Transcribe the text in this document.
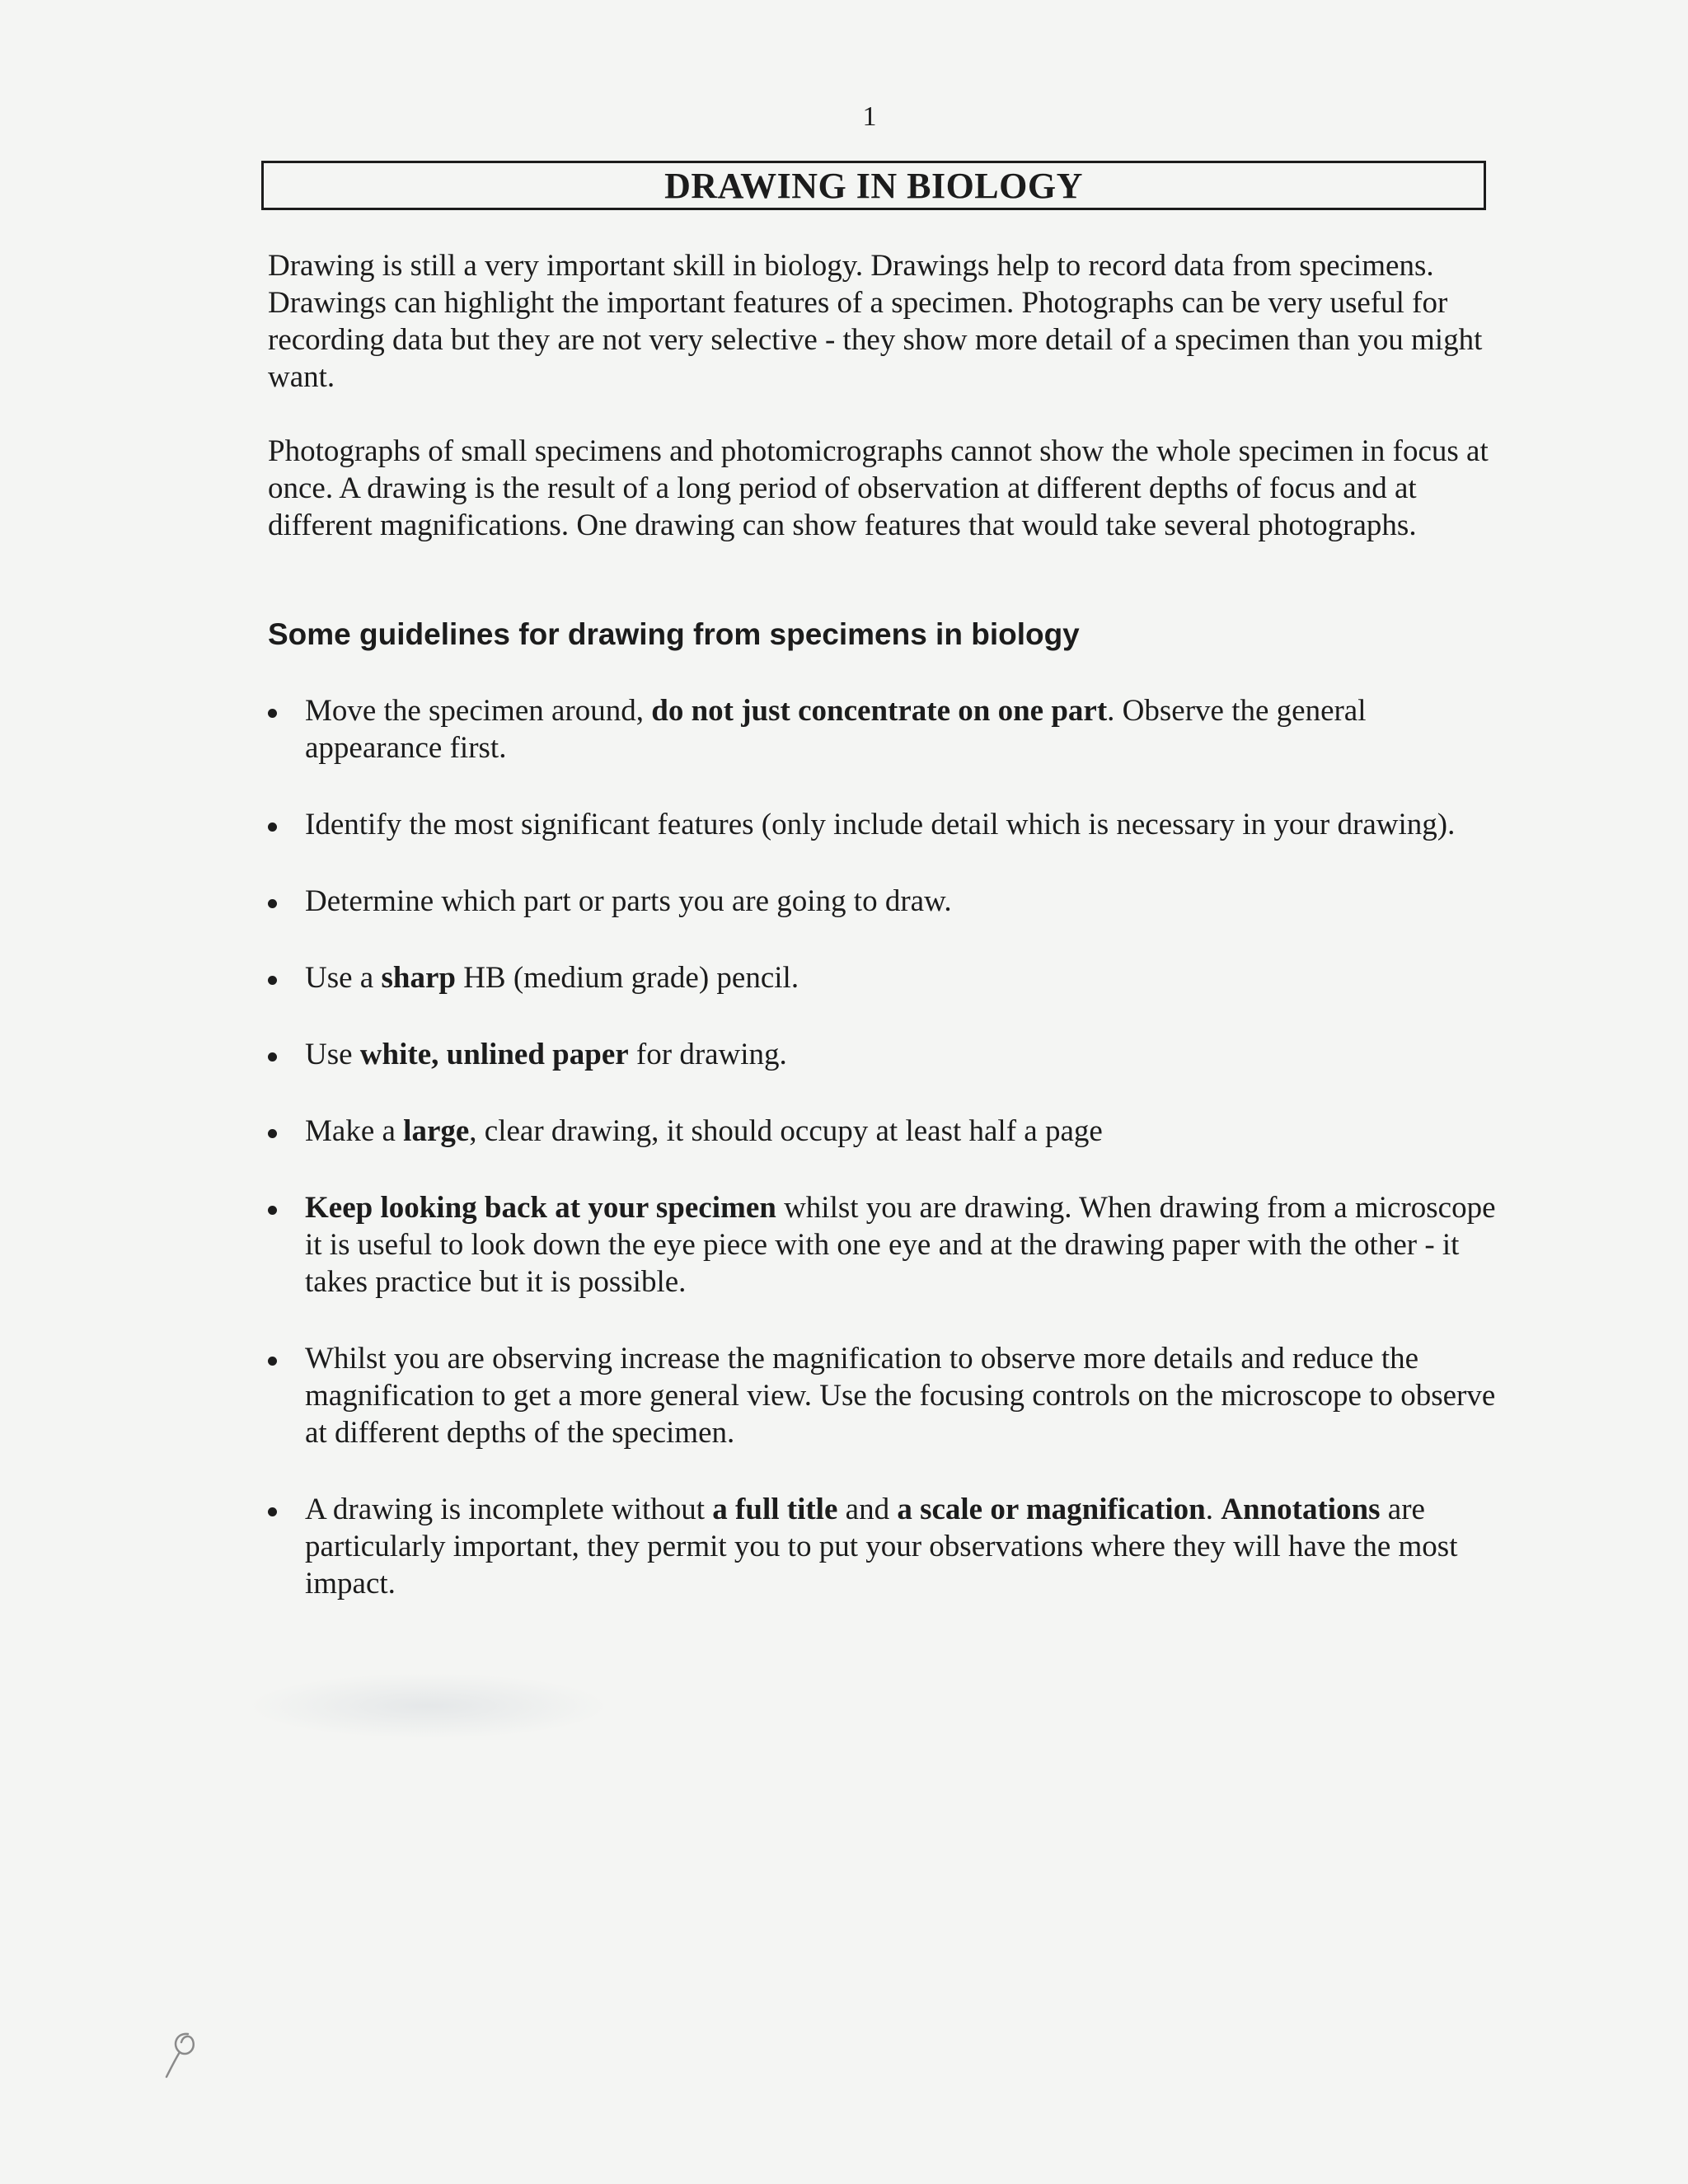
1
DRAWING IN BIOLOGY

Drawing is still a very important skill in biology. Drawings help to record data from specimens. Drawings can highlight the important features of a specimen. Photographs can be very useful for recording data but they are not very selective - they show more detail of a specimen than you might want.

Photographs of small specimens and photomicrographs cannot show the whole specimen in focus at once. A drawing is the result of a long period of observation at different depths of focus and at different magnifications. One drawing can show features that would take several photographs.

Some guidelines for drawing from specimens in biology
Move the specimen around, do not just concentrate on one part. Observe the general appearance first.
Identify the most significant features (only include detail which is necessary in your drawing).
Determine which part or parts you are going to draw.
Use a sharp HB (medium grade) pencil.
Use white, unlined paper for drawing.
Make a large, clear drawing, it should occupy at least half a page
Keep looking back at your specimen whilst you are drawing. When drawing from a microscope it is useful to look down the eye piece with one eye and at the drawing paper with the other - it takes practice but it is possible.
Whilst you are observing increase the magnification to observe more details and reduce the magnification to get a more general view. Use the focusing controls on the microscope to observe at different depths of the specimen.
A drawing is incomplete without a full title and a scale or magnification. Annotations are particularly important, they permit you to put your observations where they will have the most impact.
